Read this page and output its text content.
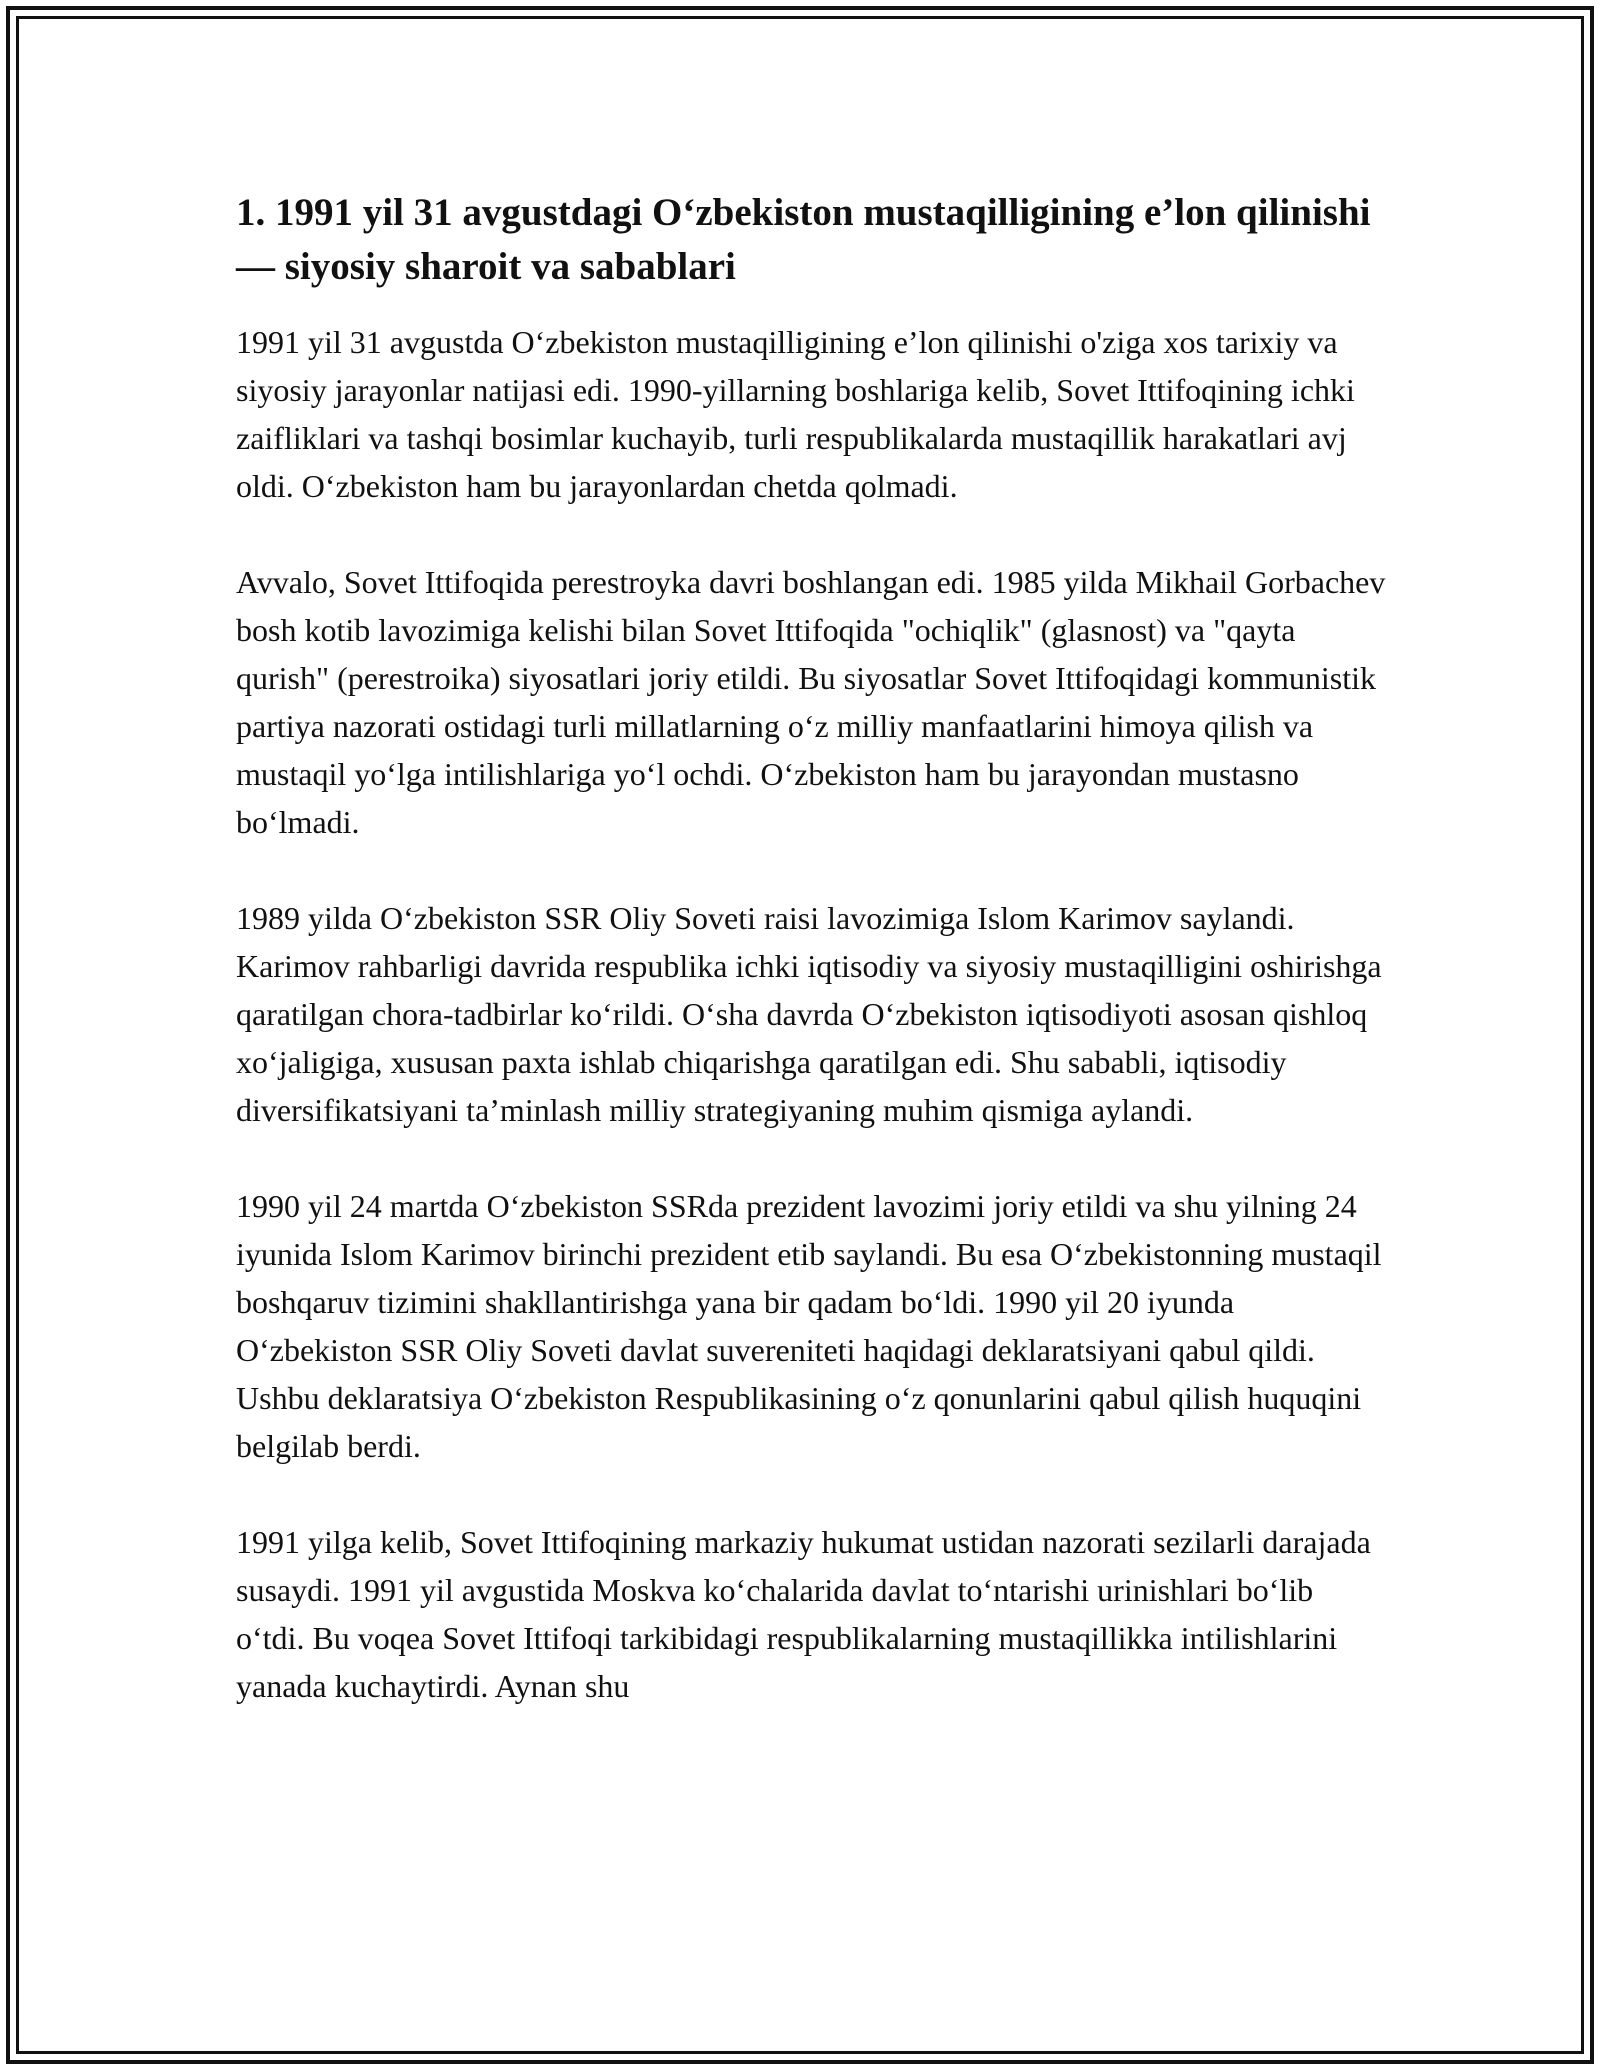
1. 1991 yil 31 avgustdagi O‘zbekiston mustaqilligining e’lon qilinishi — siyosiy sharoit va sabablari

1991 yil 31 avgustda O‘zbekiston mustaqilligining e’lon qilinishi o'ziga xos tarixiy va siyosiy jarayonlar natijasi edi. 1990-yillarning boshlariga kelib, Sovet Ittifoqining ichki zaifliklari va tashqi bosimlar kuchayib, turli respublikalarda mustaqillik harakatlari avj oldi. O‘zbekiston ham bu jarayonlardan chetda qolmadi.

Avvalo, Sovet Ittifoqida perestroyka davri boshlangan edi. 1985 yilda Mikhail Gorbachev bosh kotib lavozimiga kelishi bilan Sovet Ittifoqida "ochiqlik" (glasnost) va "qayta qurish" (perestroika) siyosatlari joriy etildi. Bu siyosatlar Sovet Ittifoqidagi kommunistik partiya nazorati ostidagi turli millatlarning o‘z milliy manfaatlarini himoya qilish va mustaqil yo‘lga intilishlariga yo‘l ochdi. O‘zbekiston ham bu jarayondan mustasno bo‘lmadi.

1989 yilda O‘zbekiston SSR Oliy Soveti raisi lavozimiga Islom Karimov saylandi. Karimov rahbarligi davrida respublika ichki iqtisodiy va siyosiy mustaqilligini oshirishga qaratilgan chora-tadbirlar ko‘rildi. O‘sha davrda O‘zbekiston iqtisodiyoti asosan qishloq xo‘jaligiga, xususan paxta ishlab chiqarishga qaratilgan edi. Shu sababli, iqtisodiy diversifikatsiyani ta’minlash milliy strategiyaning muhim qismiga aylandi.

1990 yil 24 martda O‘zbekiston SSRda prezident lavozimi joriy etildi va shu yilning 24 iyunida Islom Karimov birinchi prezident etib saylandi. Bu esa O‘zbekistonning mustaqil boshqaruv tizimini shakllantirishga yana bir qadam bo‘ldi. 1990 yil 20 iyunda O‘zbekiston SSR Oliy Soveti davlat suvereniteti haqidagi deklaratsiyani qabul qildi. Ushbu deklaratsiya O‘zbekiston Respublikasining o‘z qonunlarini qabul qilish huquqini belgilab berdi.

1991 yilga kelib, Sovet Ittifoqining markaziy hukumat ustidan nazorati sezilarli darajada susaydi. 1991 yil avgustida Moskva ko‘chalarida davlat to‘ntarishi urinishlari bo‘lib o‘tdi. Bu voqea Sovet Ittifoqi tarkibidagi respublikalarning mustaqillikka intilishlarini yanada kuchaytirdi. Aynan shu
